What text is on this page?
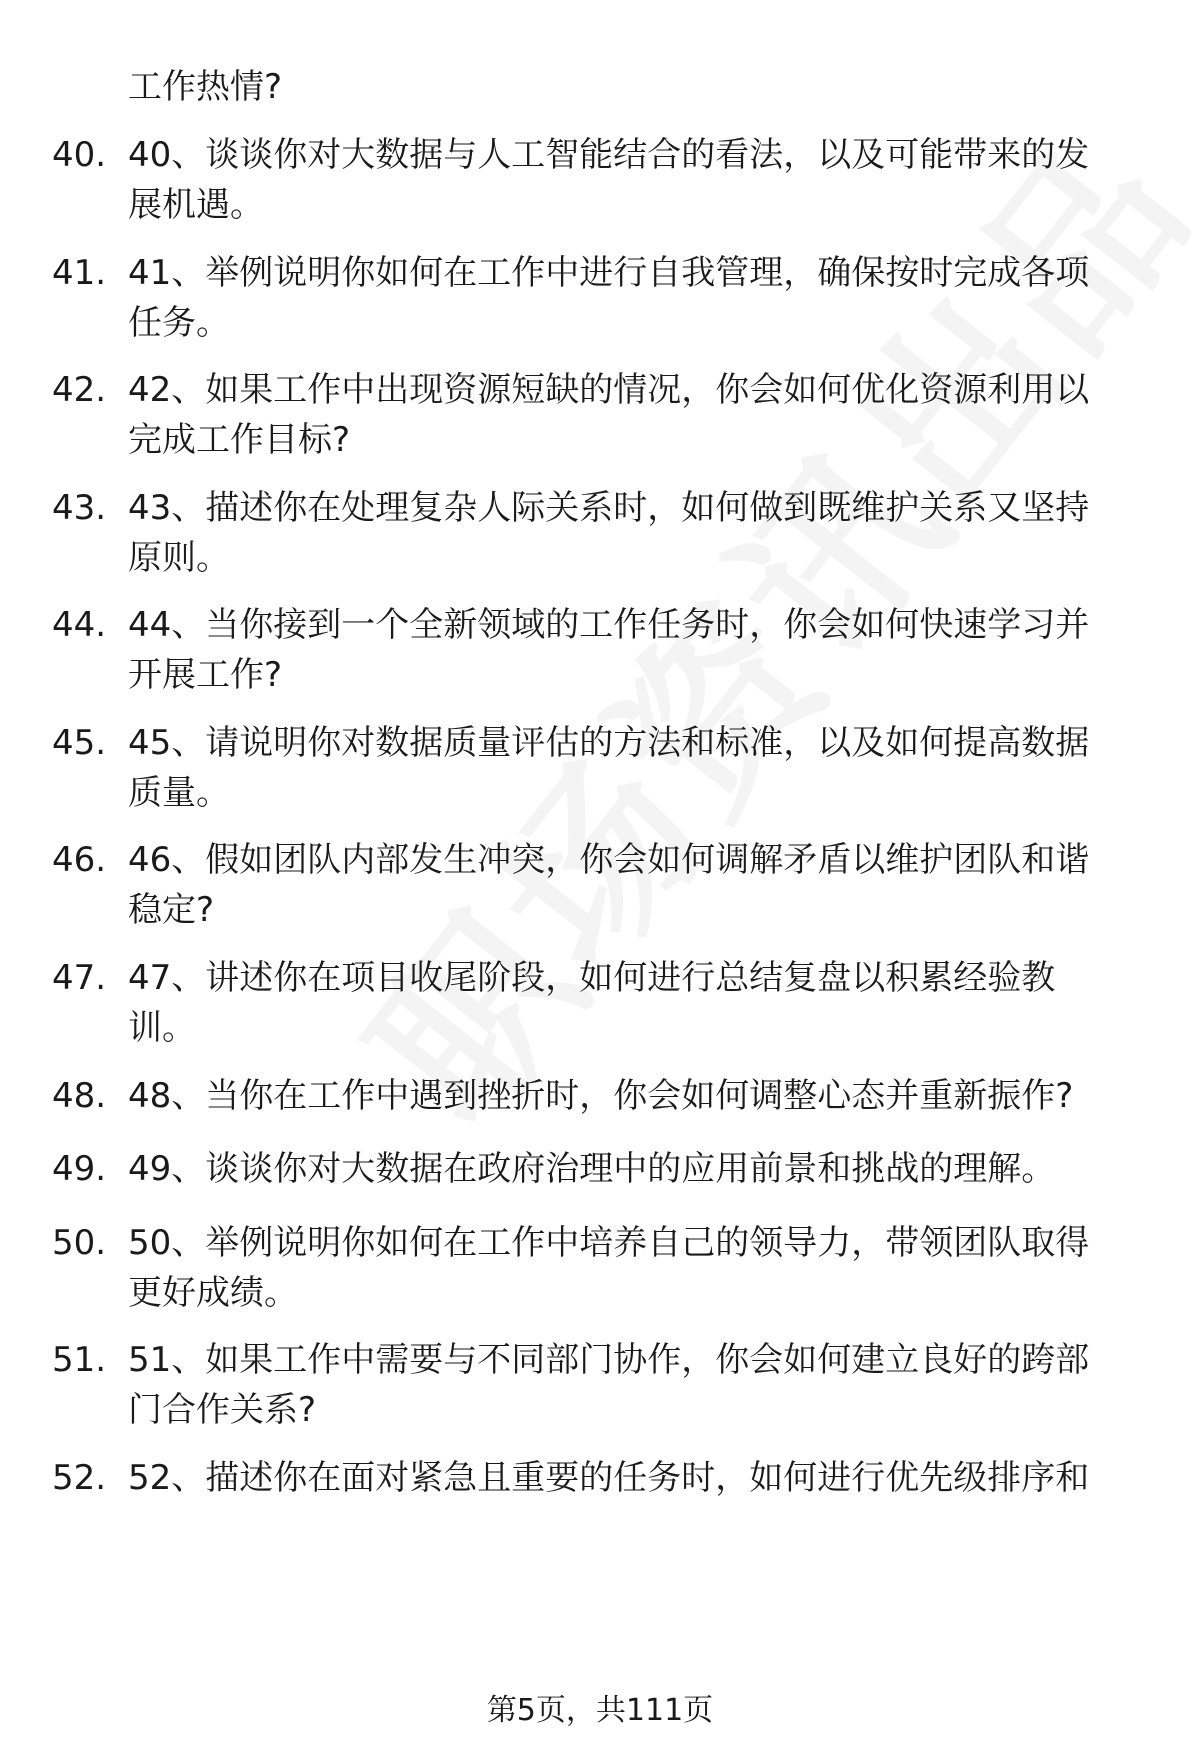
工作热情?
40. 40、谈谈你对大数据与人工智能结合的看法，以及可能带来的发
展机遇。
41. 41、举例说明你如何在工作中进行自我管理，确保按时完成各项
任务。
42. 42、如果工作中出现资源短缺的情况，你会如何优化资源利用以
完成工作目标?
43. 43、描述你在处理复杂人际关系时，如何做到既维护关系又坚持
原则。
44. 44、当你接到一个全新领域的工作任务时，你会如何快速学习并
开展工作?
45. 45、请说明你对数据质量评估的方法和标准，以及如何提高数据
质量。
46. 46、假如团队内部发生冲突，你会如何调解矛盾以维护团队和谐
稳定?
47. 47、讲述你在项目收尾阶段，如何进行总结复盘以积累经验教
训。
48. 48、当你在工作中遇到挫折时，你会如何调整心态并重新振作?
49. 49、谈谈你对大数据在政府治理中的应用前景和挑战的理解。
50. 50、举例说明你如何在工作中培养自己的领导力，带领团队取得
更好成绩。
51. 51、如果工作中需要与不同部门协作，你会如何建立良好的跨部
门合作关系?
52. 52、描述你在面对紧急且重要的任务时，如何进行优先级排序和
第5页，共111页
